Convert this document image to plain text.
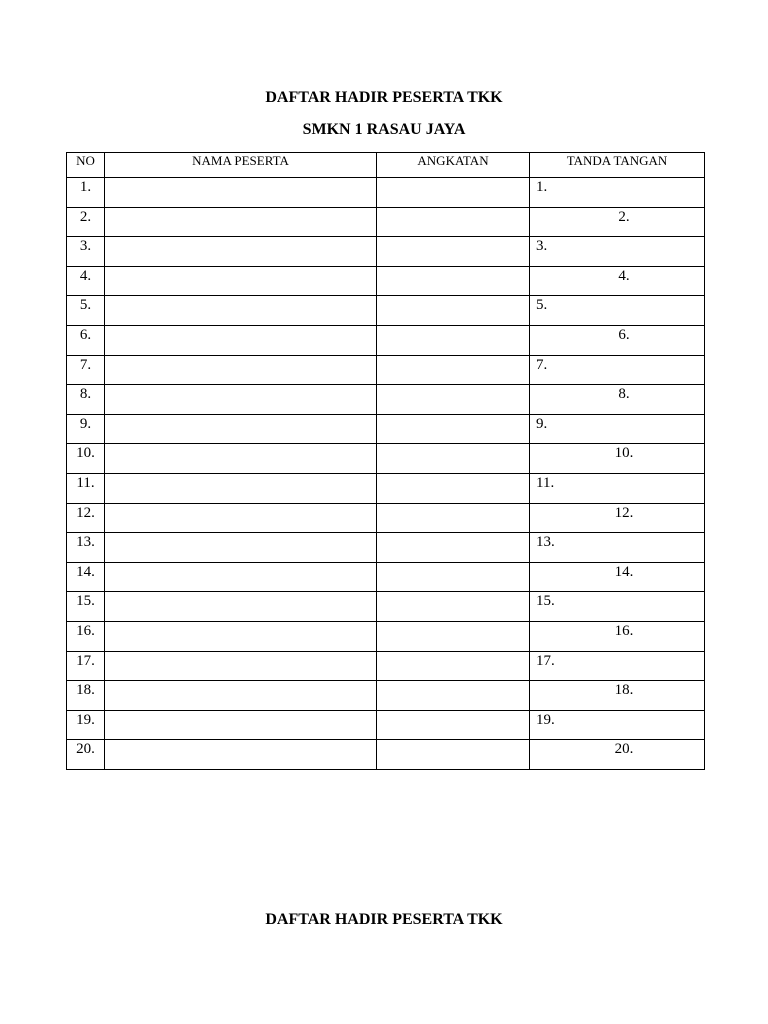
DAFTAR HADIR PESERTA TKK
SMKN 1 RASAU JAYA
NO	NAMA PESERTA	ANGKATAN	TANDA TANGAN
1.			1.
2.			2.
3.			3.
4.			4.
5.			5.
6.			6.
7.			7.
8.			8.
9.			9.
10.			10.
11.			11.
12.			12.
13.			13.
14.			14.
15.			15.
16.			16.
17.			17.
18.			18.
19.			19.
20.			20.
DAFTAR HADIR PESERTA TKK
